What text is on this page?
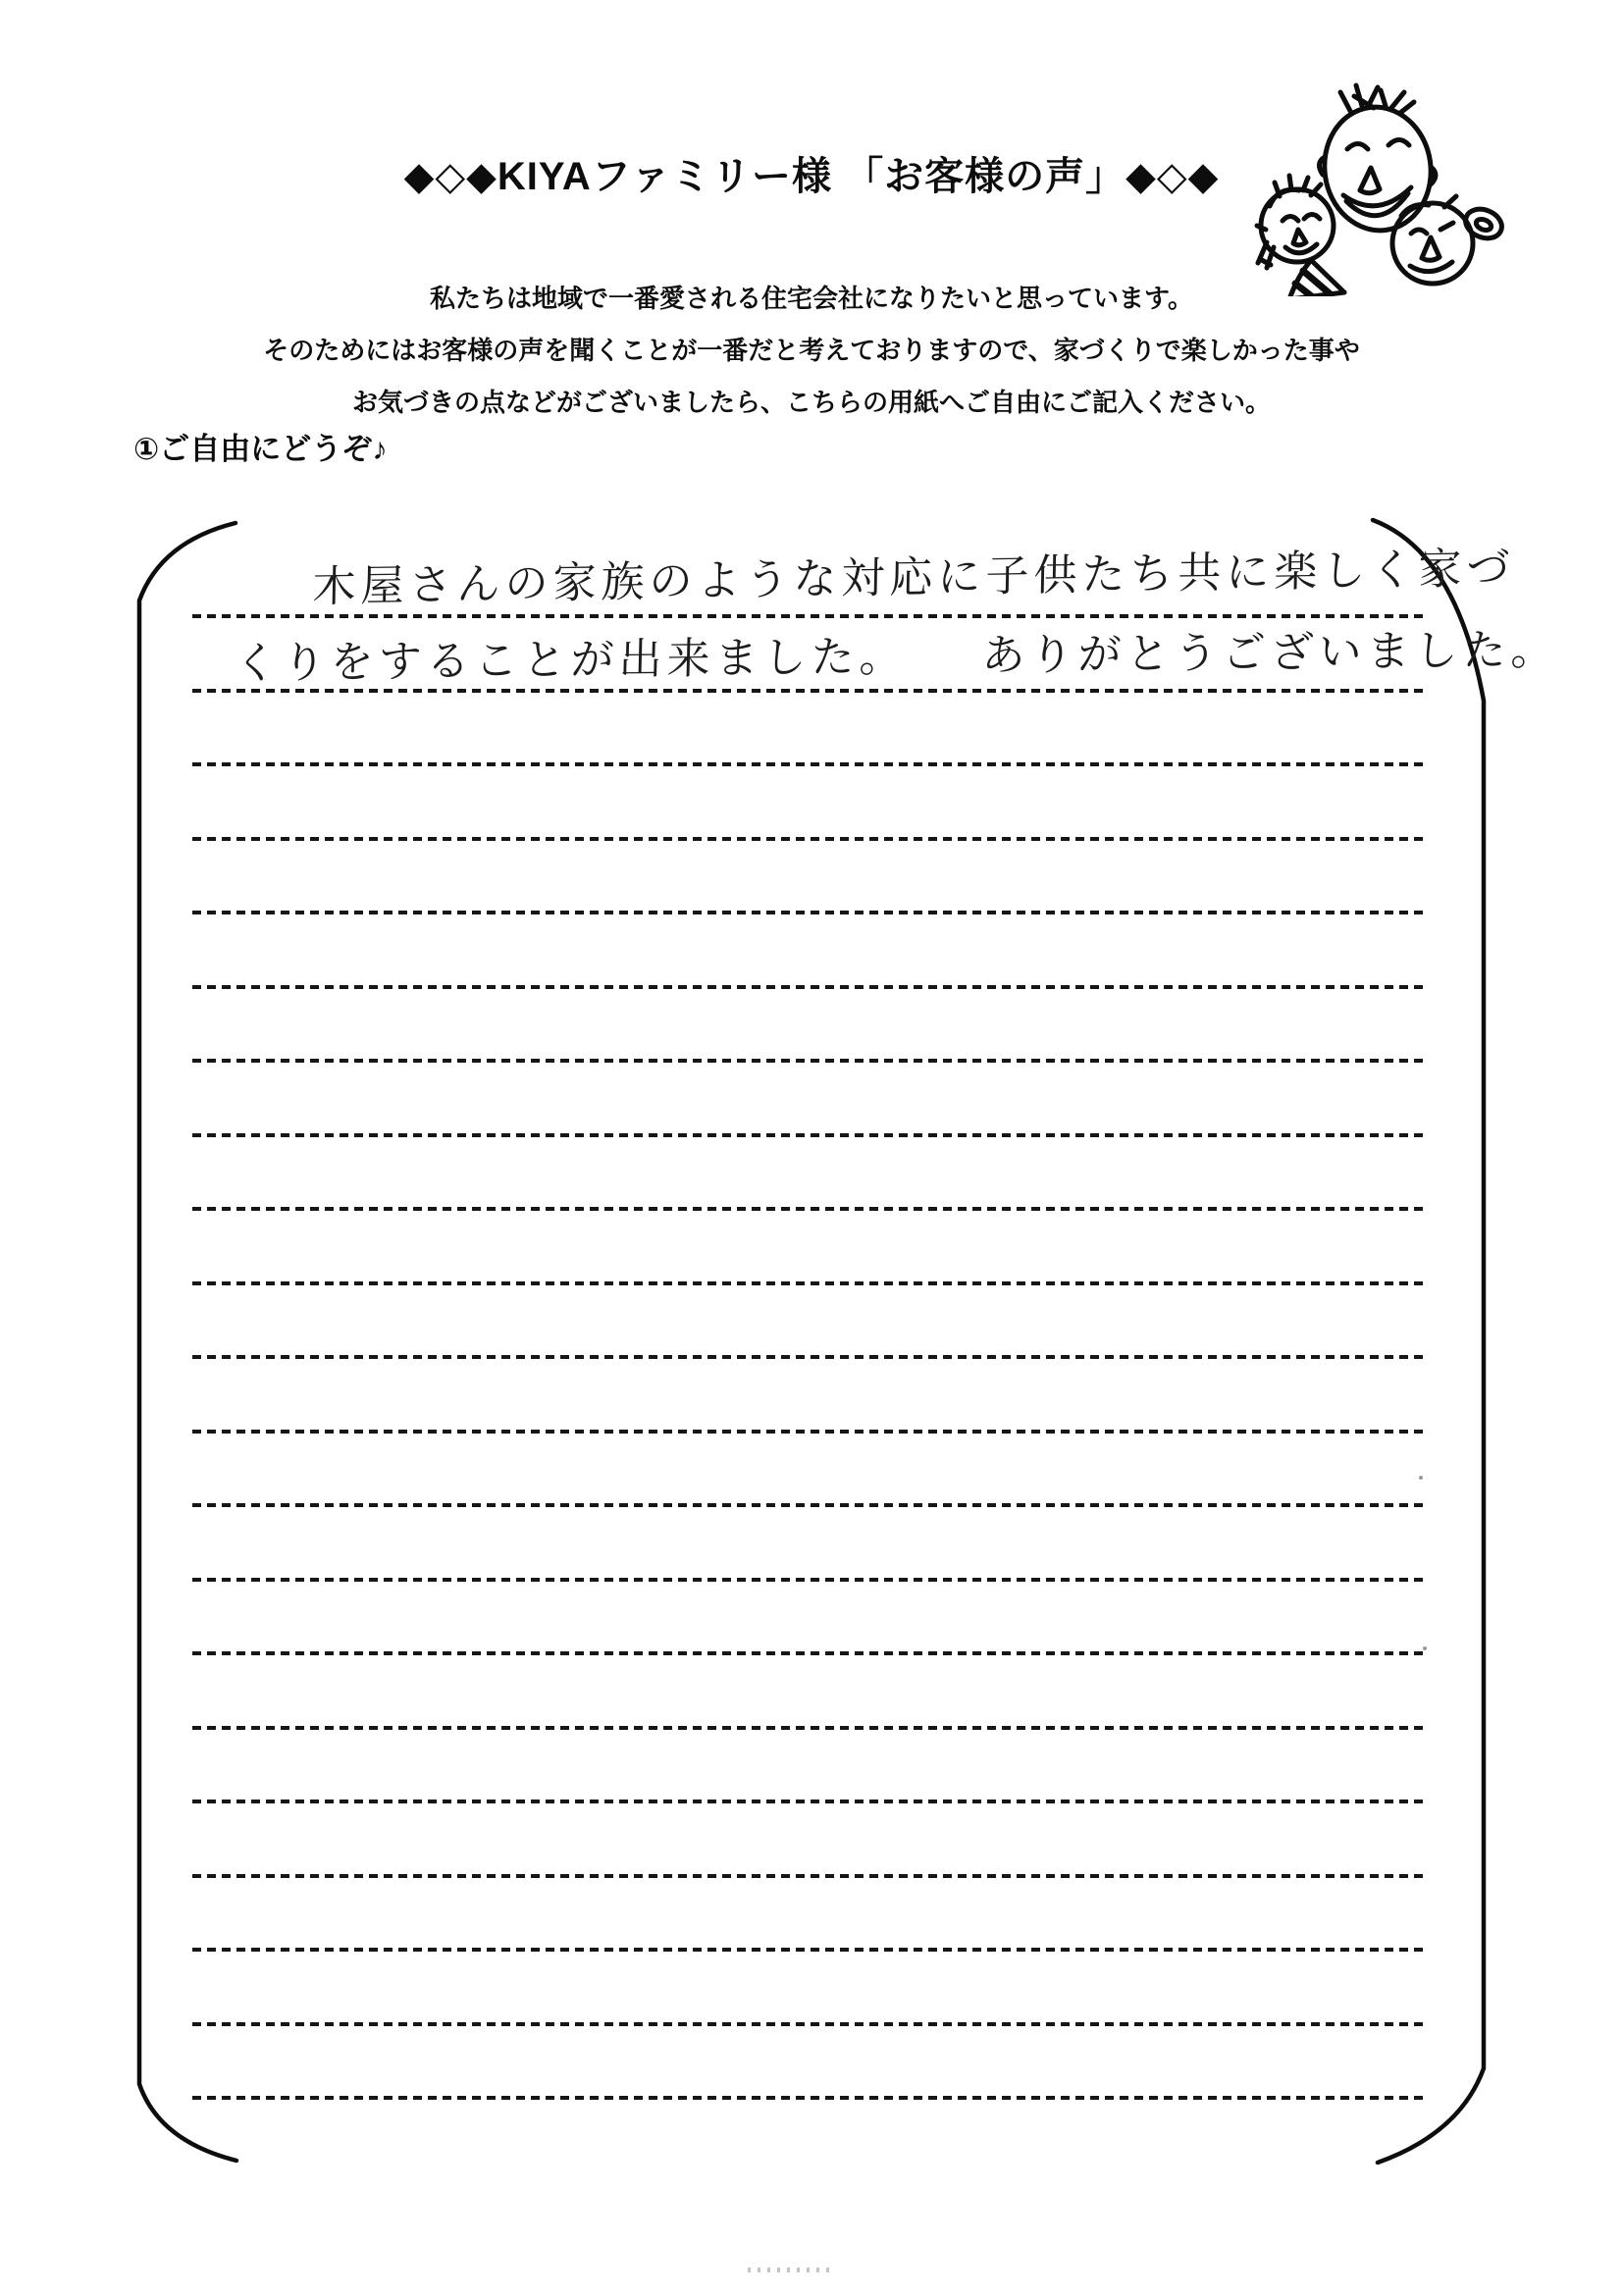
◆◇◆KIYAファミリー様 「お客様の声」◆◇◆
私たちは地域で一番愛される住宅会社になりたいと思っています。
そのためにはお客様の声を聞くことが一番だと考えておりますので、家づくりで楽しかった事や
お気づきの点などがございましたら、こちらの用紙へご自由にご記入ください。
①ご自由にどうぞ♪
木屋さんの家族のような対応に子供たち共に楽しく家づ
くりをすることが出来ました。　　ありがとうございました。
